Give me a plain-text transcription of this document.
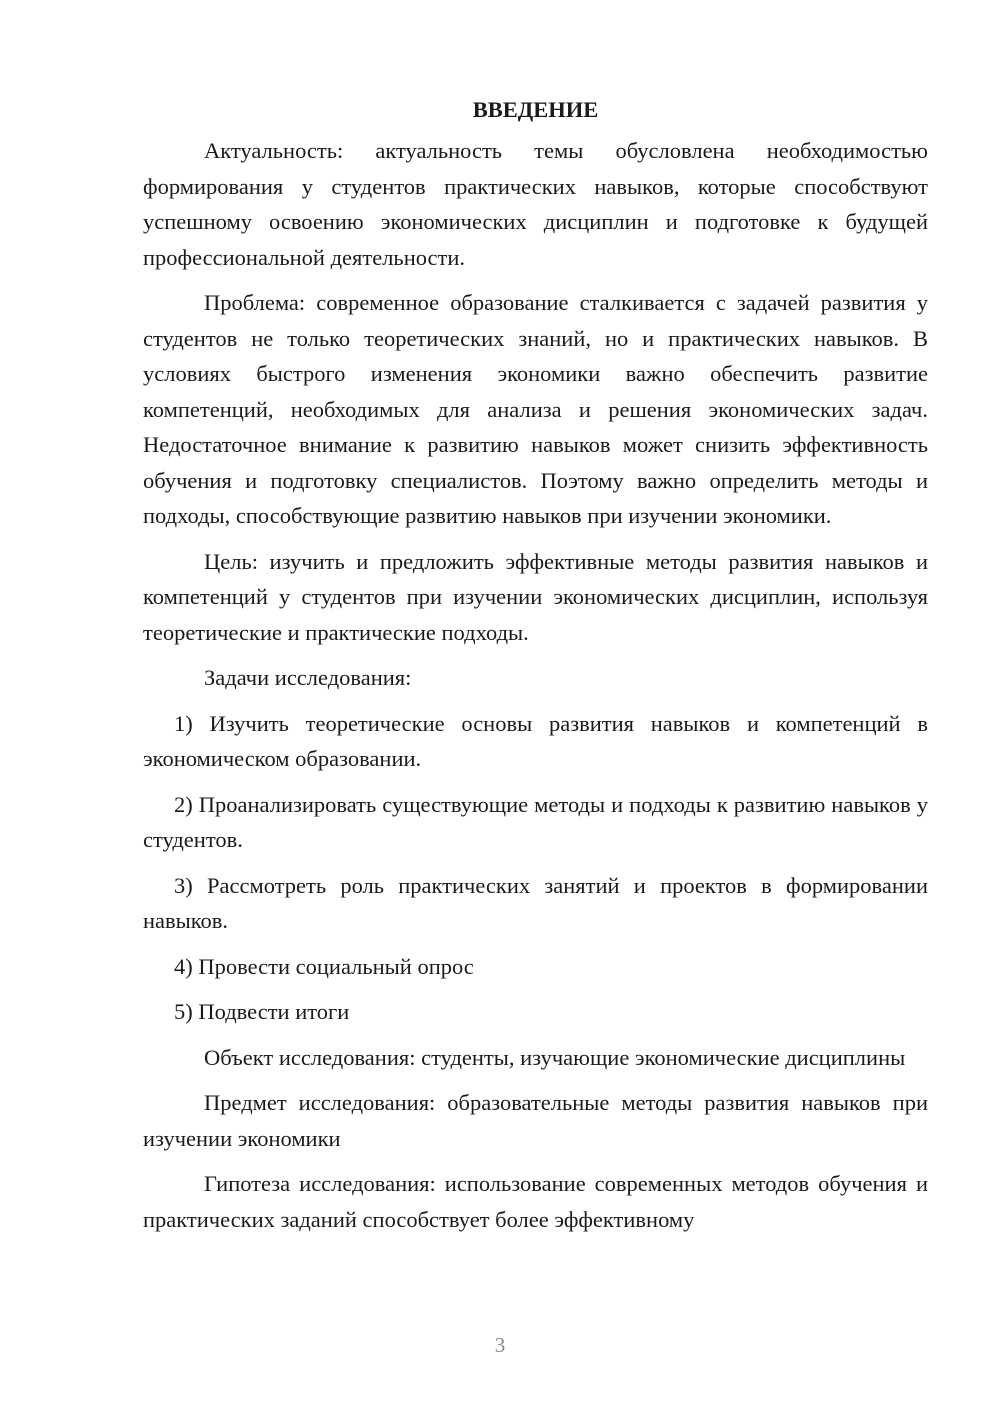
ВВЕДЕНИЕ

Актуальность: актуальность темы обусловлена необходимостью формирования у студентов практических навыков, которые способствуют успешному освоению экономических дисциплин и подготовке к будущей профессиональной деятельности.

Проблема: современное образование сталкивается с задачей развития у студентов не только теоретических знаний, но и практических навыков. В условиях быстрого изменения экономики важно обеспечить развитие компетенций, необходимых для анализа и решения экономических задач. Недостаточное внимание к развитию навыков может снизить эффективность обучения и подготовку специалистов. Поэтому важно определить методы и подходы, способствующие развитию навыков при изучении экономики.

Цель: изучить и предложить эффективные методы развития навыков и компетенций у студентов при изучении экономических дисциплин, используя теоретические и практические подходы.

Задачи исследования:

1) Изучить теоретические основы развития навыков и компетенций в экономическом образовании.

2) Проанализировать существующие методы и подходы к развитию навыков у студентов.

3) Рассмотреть роль практических занятий и проектов в формировании навыков.

4) Провести социальный опрос

5) Подвести итоги

Объект исследования: студенты, изучающие экономические дисциплины

Предмет исследования: образовательные методы развития навыков при изучении экономики

Гипотеза исследования: использование современных методов обучения и практических заданий способствует более эффективному

3
